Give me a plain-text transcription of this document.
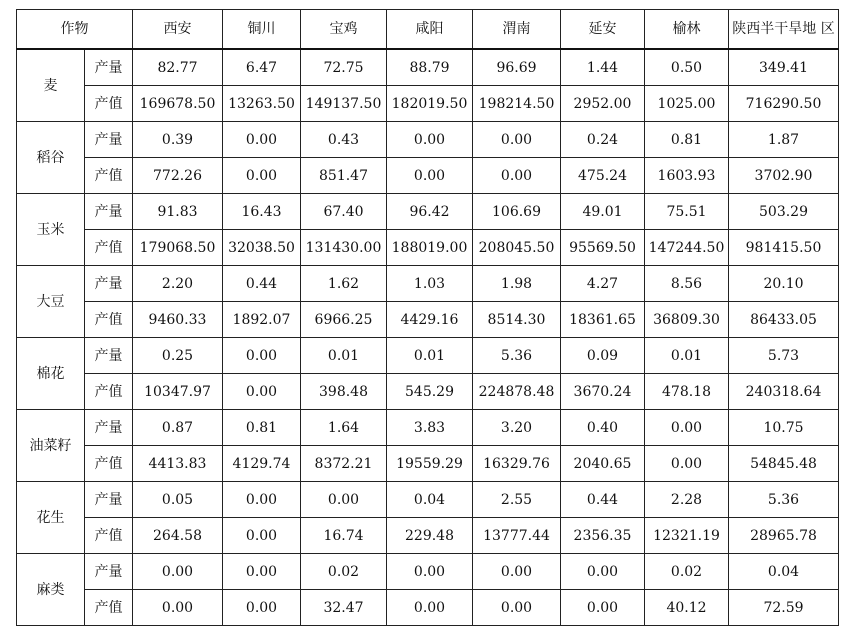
作物		西安	铜川	宝鸡	咸阳	渭南	延安	榆林	陕西半干旱地 区
麦	产量	82.77	6.47	72.75	88.79	96.69	1.44	0.50	349.41
	产值	169678.50	13263.50	149137.50	182019.50	198214.50	2952.00	1025.00	716290.50
稻谷	产量	0.39	0.00	0.43	0.00	0.00	0.24	0.81	1.87
	产值	772.26	0.00	851.47	0.00	0.00	475.24	1603.93	3702.90
玉米	产量	91.83	16.43	67.40	96.42	106.69	49.01	75.51	503.29
	产值	179068.50	32038.50	131430.00	188019.00	208045.50	95569.50	147244.50	981415.50
大豆	产量	2.20	0.44	1.62	1.03	1.98	4.27	8.56	20.10
	产值	9460.33	1892.07	6966.25	4429.16	8514.30	18361.65	36809.30	86433.05
棉花	产量	0.25	0.00	0.01	0.01	5.36	0.09	0.01	5.73
	产值	10347.97	0.00	398.48	545.29	224878.48	3670.24	478.18	240318.64
油菜籽	产量	0.87	0.81	1.64	3.83	3.20	0.40	0.00	10.75
	产值	4413.83	4129.74	8372.21	19559.29	16329.76	2040.65	0.00	54845.48
花生	产量	0.05	0.00	0.00	0.04	2.55	0.44	2.28	5.36
	产值	264.58	0.00	16.74	229.48	13777.44	2356.35	12321.19	28965.78
麻类	产量	0.00	0.00	0.02	0.00	0.00	0.00	0.02	0.04
	产值	0.00	0.00	32.47	0.00	0.00	0.00	40.12	72.59
